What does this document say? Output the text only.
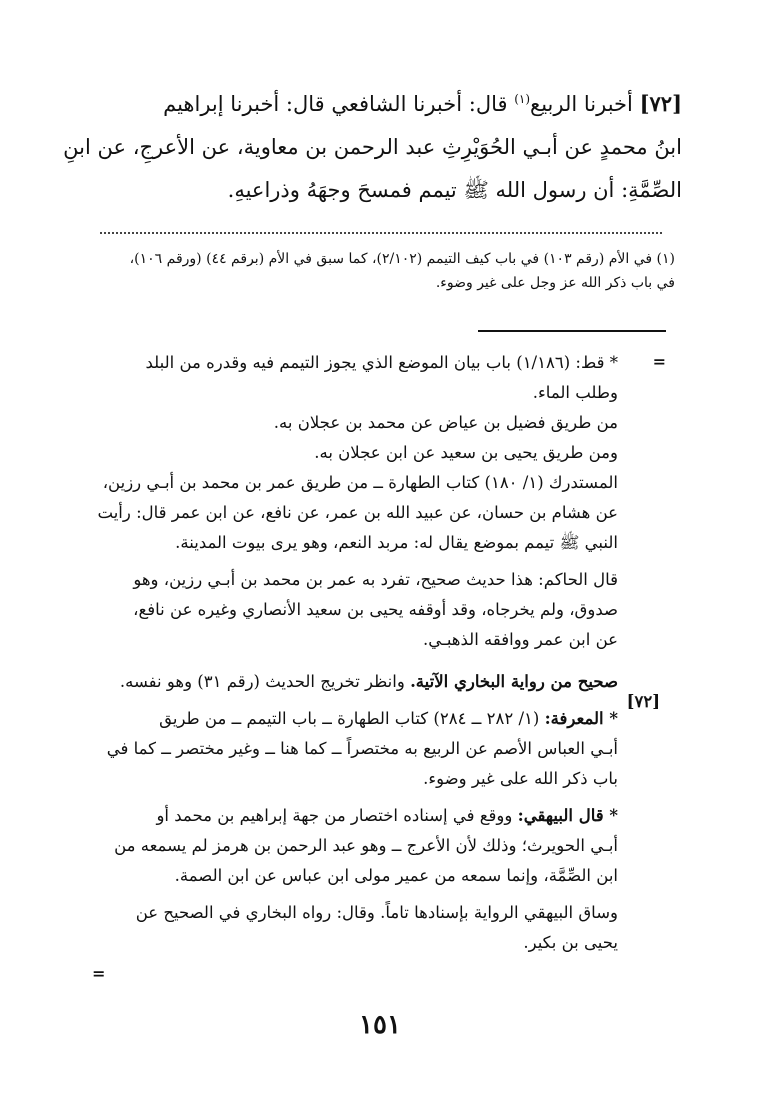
[٧٢] أخبرنا الربيع$^{(١)}$ قال: أخبرنا الشافعي قال: أخبرنا إبراهيم

ابنُ محمدٍ عن أبـي الحُوَيْرِثِ عبد الرحمن بن معاوية، عن الأعرجِ، عن ابنِ

الصِّمَّةِ: أن رسول الله ﷺ تيمم فمسحَ وجهَهُ وذراعيهِ.

(١) في الأم (رقم ١٠٣) في باب كيف التيمم (٢/١٠٢)، كما سبق في الأم (برقم ٤٤) (ورقم ١٠٦)،

في باب ذكر الله عز وجل على غير وضوء.

=

* قط: (١/١٨٦) باب بيان الموضع الذي يجوز التيمم فيه وقدره من البلد

وطلب الماء.

من طريق فضيل بن عياض عن محمد بن عجلان به.

ومن طريق يحيى بن سعيد عن ابن عجلان به.

المستدرك (١/ ١٨٠) كتاب الطهارة ــ من طريق عمر بن محمد بن أبـي رزين،

عن هشام بن حسان، عن عبيد الله بن عمر، عن نافع، عن ابن عمر قال: رأيت

النبي ﷺ تيمم بموضع يقال له: مربد النعم، وهو يرى بيوت المدينة.

قال الحاكم: هذا حديث صحيح، تفرد به عمر بن محمد بن أبـي رزين، وهو

صدوق، ولم يخرجاه، وقد أوقفه يحيى بن سعيد الأنصاري وغيره عن نافع،

عن ابن عمر ووافقه الذهبـي.

صحيح من رواية البخاري الآتية. وانظر تخريج الحديث (رقم ٣١) وهو نفسه.

* المعرفة: (١/ ٢٨٢ ــ ٢٨٤) كتاب الطهارة ــ باب التيمم ــ من طريق

أبـي العباس الأصم عن الربيع به مختصراً ــ كما هنا ــ وغير مختصر ــ كما في

باب ذكر الله على غير وضوء.

* قال البيهقي: ووقع في إسناده اختصار من جهة إبراهيم بن محمد أو

أبـي الحويرث؛ وذلك لأن الأعرج ــ وهو عبد الرحمن بن هرمز لم يسمعه من

ابن الصِّمَّة، وإنما سمعه من عمير مولى ابن عباس عن ابن الصمة.

وساق البيهقي الرواية بإسنادها تاماً. وقال: رواه البخاري في الصحيح عن

يحيى بن بكير.

[٧٢]
=
١٥١
